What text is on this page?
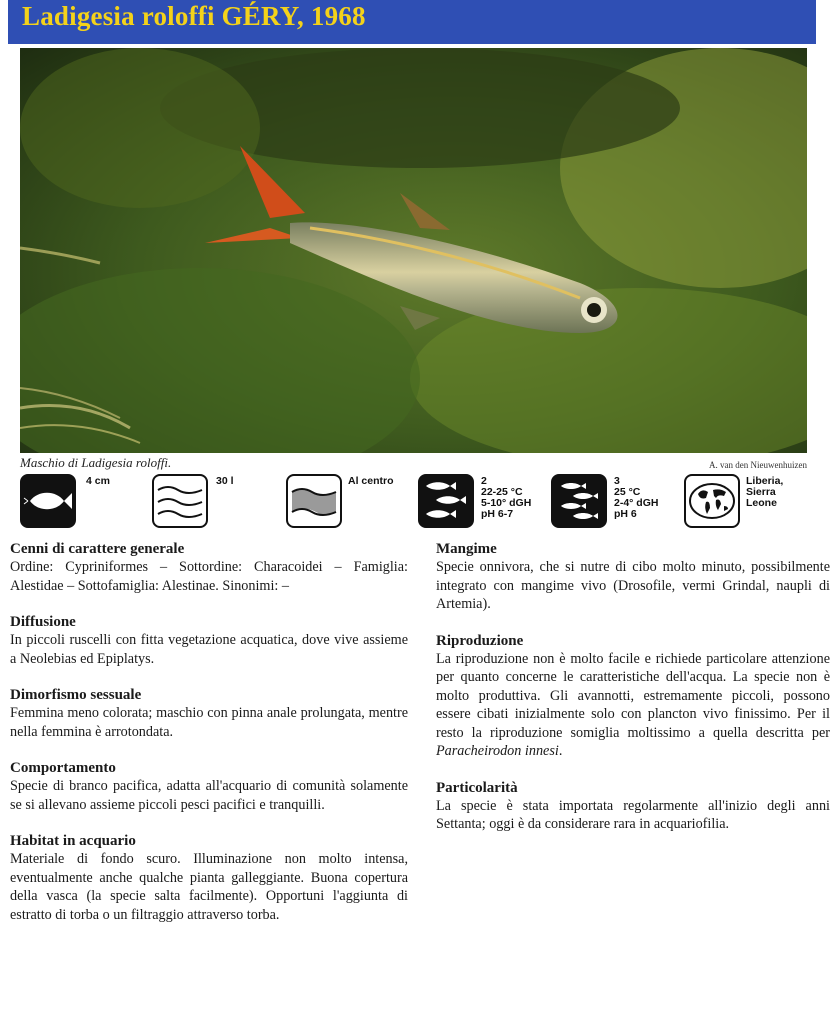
Ladigesia roloffi GÉRY, 1968
Maschio di Ladigesia roloffi.	A. van den Nieuwenhuizen
4 cm	30 l	Al centro	2
22-25 °C
5-10° dGH
pH 6-7
3
25 °C
2-4° dGH
pH 6
Liberia,
Sierra
Leone
Cenni di carattere generale

Ordine: Cypriniformes – Sottordine: Characoidei – Famiglia: Alestidae – Sottofamiglia: Alestinae. Sinonimi: –

Diffusione

In piccoli ruscelli con fitta vegetazione acquatica, dove vive assieme a Neolebias ed Epiplatys.

Dimorfismo sessuale

Femmina meno colorata; maschio con pinna anale prolungata, mentre nella femmina è arrotondata.

Comportamento

Specie di branco pacifica, adatta all'acquario di comunità solamente se si allevano assieme piccoli pesci pacifici e tranquilli.

Habitat in acquario

Materiale di fondo scuro. Illuminazione non molto intensa, eventualmente anche qualche pianta galleggiante. Buona copertura della vasca (la specie salta facilmente). Opportuni l'aggiunta di estratto di torba o un filtraggio attraverso torba.

Mangime

Specie onnivora, che si nutre di cibo molto minuto, possibilmente integrato con mangime vivo (Drosofile, vermi Grindal, naupli di Artemia).

Riproduzione

La riproduzione non è molto facile e richiede particolare attenzione per quanto concerne le caratteristiche dell'acqua. La specie non è molto produttiva. Gli avannotti, estremamente piccoli, possono essere cibati inizialmente solo con plancton vivo finissimo. Per il resto la riproduzione somiglia moltissimo a quella descritta per Paracheirodon innesi.

Particolarità

La specie è stata importata regolarmente all'inizio degli anni Settanta; oggi è da considerare rara in acquariofilia.
